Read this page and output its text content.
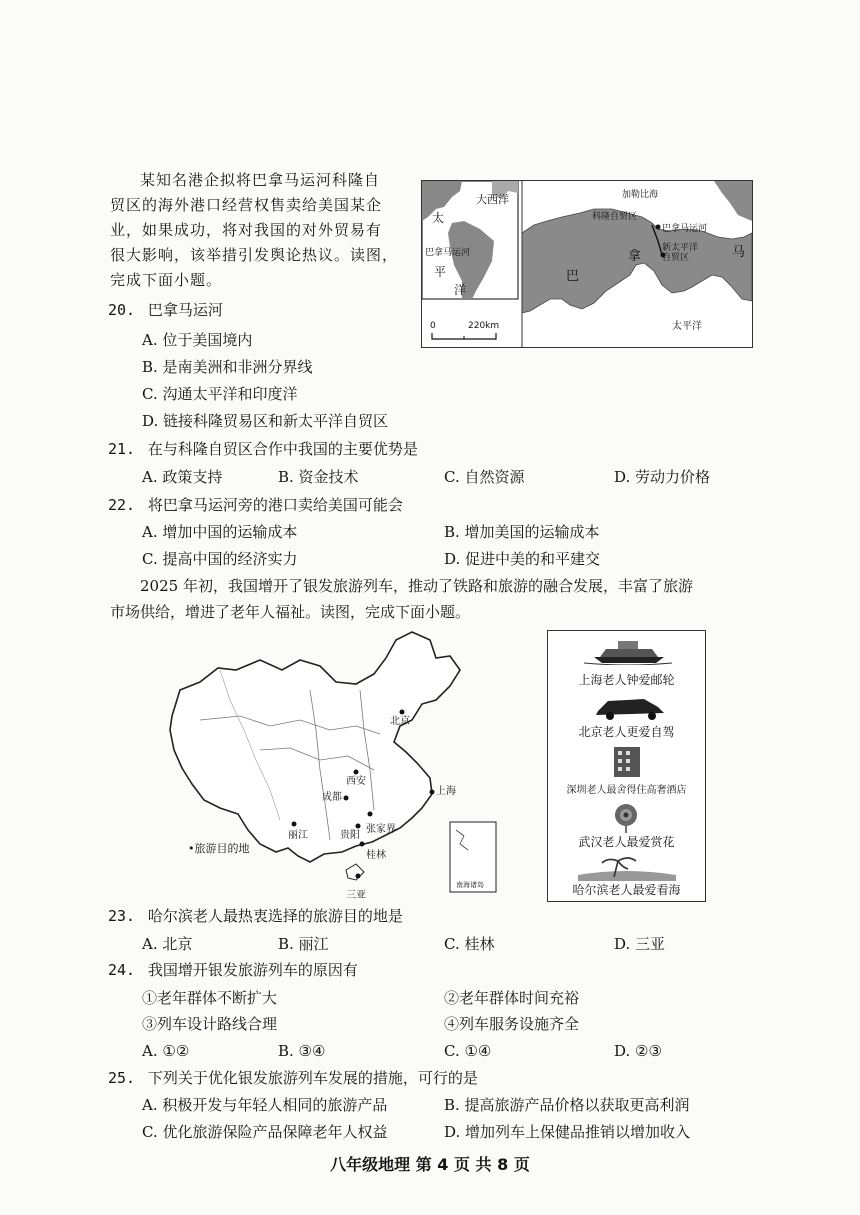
某知名港企拟将巴拿马运河科隆自
贸区的海外港口经营权售卖给美国某企
业，如果成功，将对我国的对外贸易有
很大影响，该举措引发舆论热议。读图，
完成下面小题。
大西洋
太
巴拿马运河
平
洋
加勒比海
科隆自贸区
巴拿马运河
巴
拿	马
新太平洋
自贸区
太平洋
0	220km
20. 巴拿马运河
A. 位于美国境内
B. 是南美洲和非洲分界线
C. 沟通太平洋和印度洋
D. 链接科隆贸易区和新太平洋自贸区
21. 在与科隆自贸区合作中我国的主要优势是
A. 政策支持	B. 资金技术	C. 自然资源	D. 劳动力价格
22. 将巴拿马运河旁的港口卖给美国可能会
A. 增加中国的运输成本	B. 增加美国的运输成本
C. 提高中国的经济实力	D. 促进中美的和平建交
2025 年初，我国增开了银发旅游列车，推动了铁路和旅游的融合发展，丰富了旅游
市场供给，增进了老年人福祉。读图，完成下面小题。
北京
西安
上海
成都
张家界
丽江	贵阳
桂林
三亚
•旅游目的地
南海诸岛
上海老人钟爱邮轮
北京老人更爱自驾
深圳老人最舍得住高奢酒店
武汉老人最爱赏花
哈尔滨老人最爱看海
23. 哈尔滨老人最热衷选择的旅游目的地是
A. 北京	B. 丽江	C. 桂林	D. 三亚
24. 我国增开银发旅游列车的原因有
①老年群体不断扩大	②老年群体时间充裕
③列车设计路线合理	④列车服务设施齐全
A. ①②	B. ③④	C. ①④	D. ②③
25. 下列关于优化银发旅游列车发展的措施，可行的是
A. 积极开发与年轻人相同的旅游产品	B. 提高旅游产品价格以获取更高利润
C. 优化旅游保险产品保障老年人权益	D. 增加列车上保健品推销以增加收入
八年级地理 第 4 页 共 8 页
